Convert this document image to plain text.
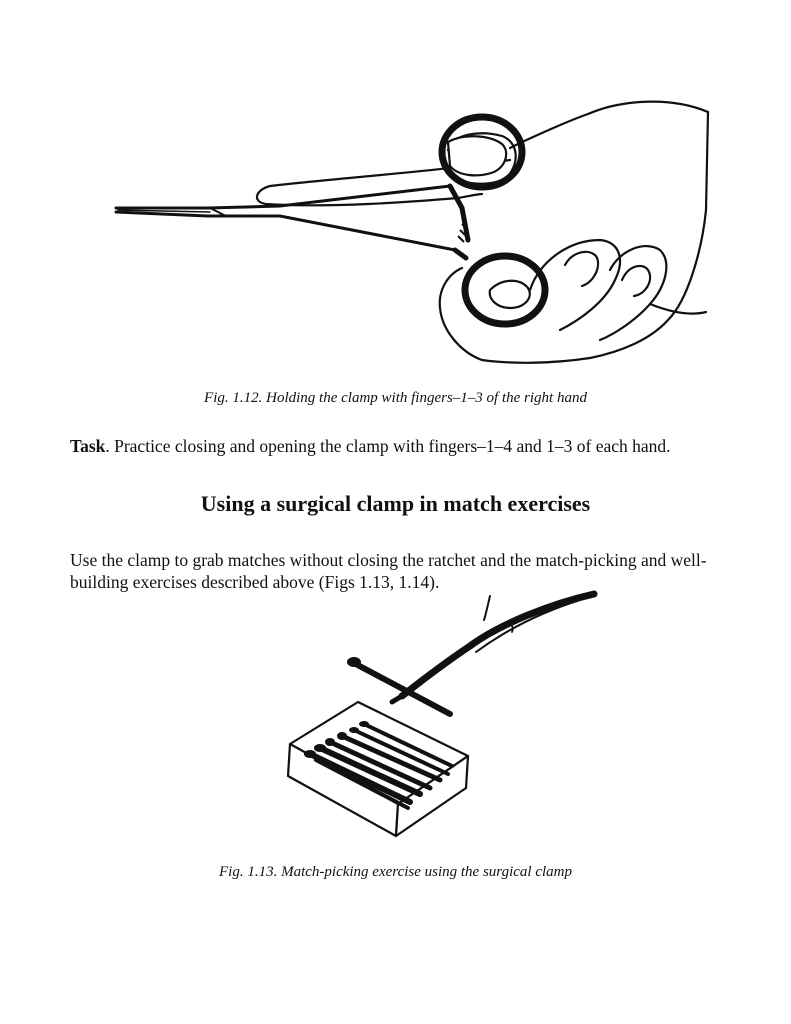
Fig. 1.12. Holding the clamp with fingers–1–3 of the right hand
Task. Practice closing and opening the clamp with fingers–1–4 and 1–3 of each hand.
Using a surgical clamp in match exercises
Use the clamp to grab matches without closing the ratchet and the match-picking and well-building exercises described above (Figs 1.13, 1.14).
Fig. 1.13. Match-picking exercise using the surgical clamp
